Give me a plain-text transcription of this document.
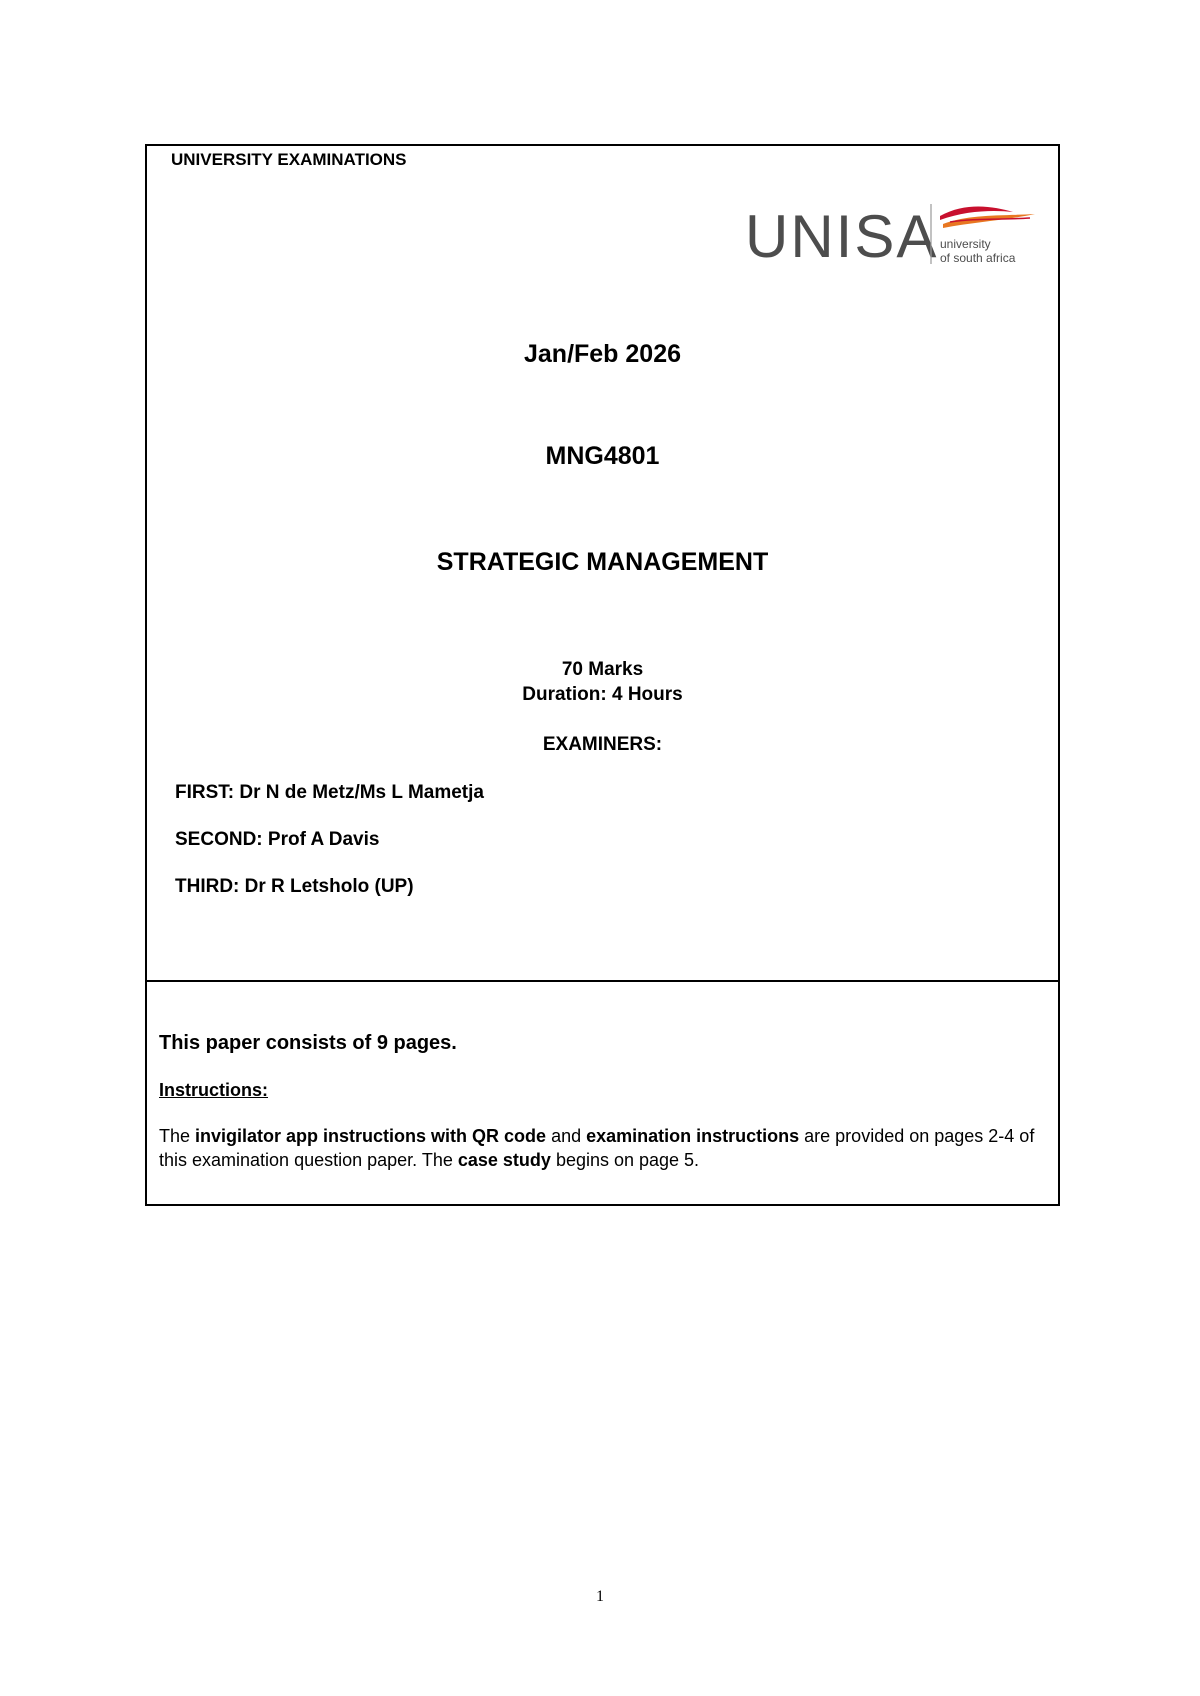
UNIVERSITY EXAMINATIONS
UNISA university
of south africa
Jan/Feb 2026
MNG4801
STRATEGIC MANAGEMENT
70 Marks
Duration: 4 Hours
EXAMINERS:
FIRST: Dr N de Metz/Ms L Mametja
SECOND: Prof A Davis
THIRD: Dr R Letsholo (UP)
This paper consists of 9 pages.
Instructions:
The invigilator app instructions with QR code and examination instructions are provided on pages 2-4 of this examination question paper. The case study begins on page 5.
1
